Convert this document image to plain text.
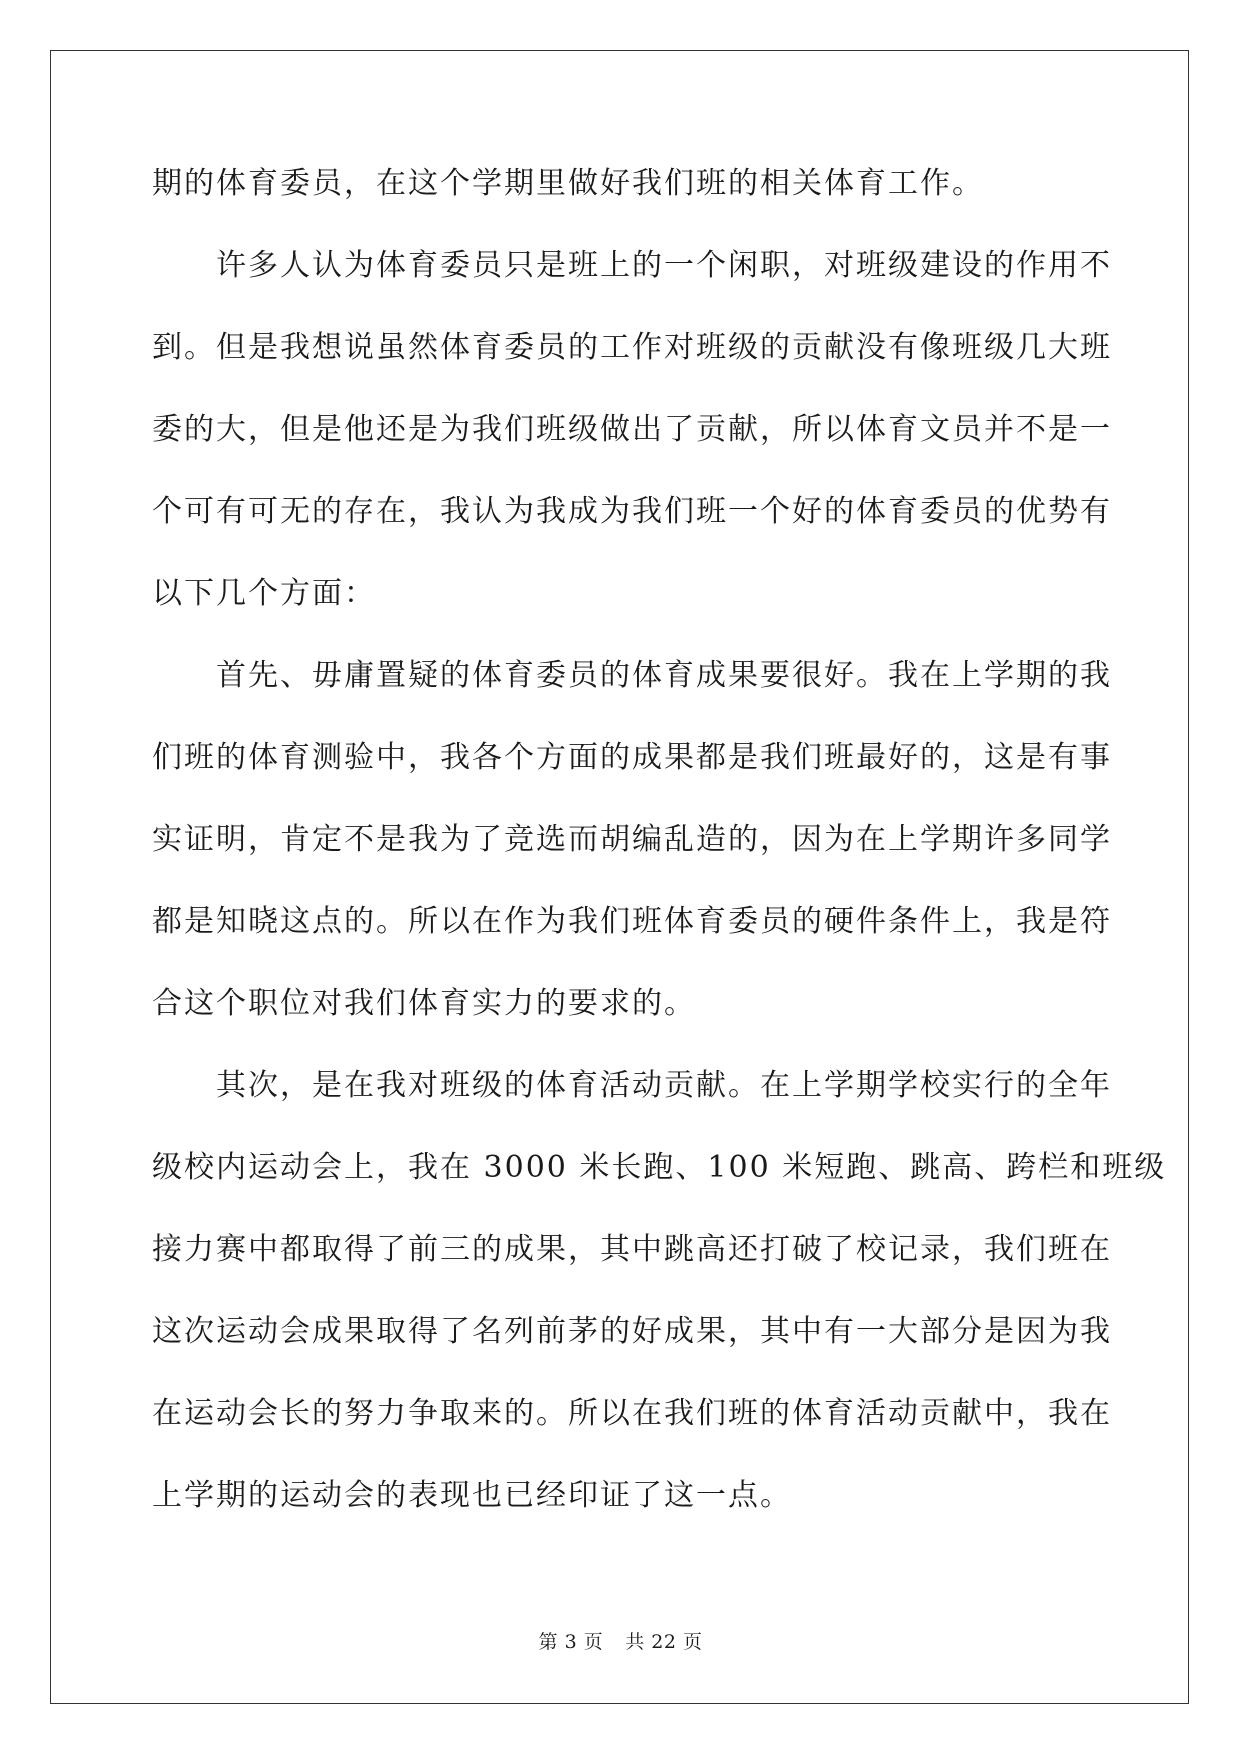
期的体育委员，在这个学期里做好我们班的相关体育工作。
许多人认为体育委员只是班上的一个闲职，对班级建设的作用不
到。但是我想说虽然体育委员的工作对班级的贡献没有像班级几大班
委的大，但是他还是为我们班级做出了贡献，所以体育文员并不是一
个可有可无的存在，我认为我成为我们班一个好的体育委员的优势有
以下几个方面：
首先、毋庸置疑的体育委员的体育成果要很好。我在上学期的我
们班的体育测验中，我各个方面的成果都是我们班最好的，这是有事
实证明，肯定不是我为了竞选而胡编乱造的，因为在上学期许多同学
都是知晓这点的。所以在作为我们班体育委员的硬件条件上，我是符
合这个职位对我们体育实力的要求的。
其次，是在我对班级的体育活动贡献。在上学期学校实行的全年
级校内运动会上，我在 3000 米长跑、100 米短跑、跳高、跨栏和班级
接力赛中都取得了前三的成果，其中跳高还打破了校记录，我们班在
这次运动会成果取得了名列前茅的好成果，其中有一大部分是因为我
在运动会长的努力争取来的。所以在我们班的体育活动贡献中，我在
上学期的运动会的表现也已经印证了这一点。
第 3 页 共 22 页
